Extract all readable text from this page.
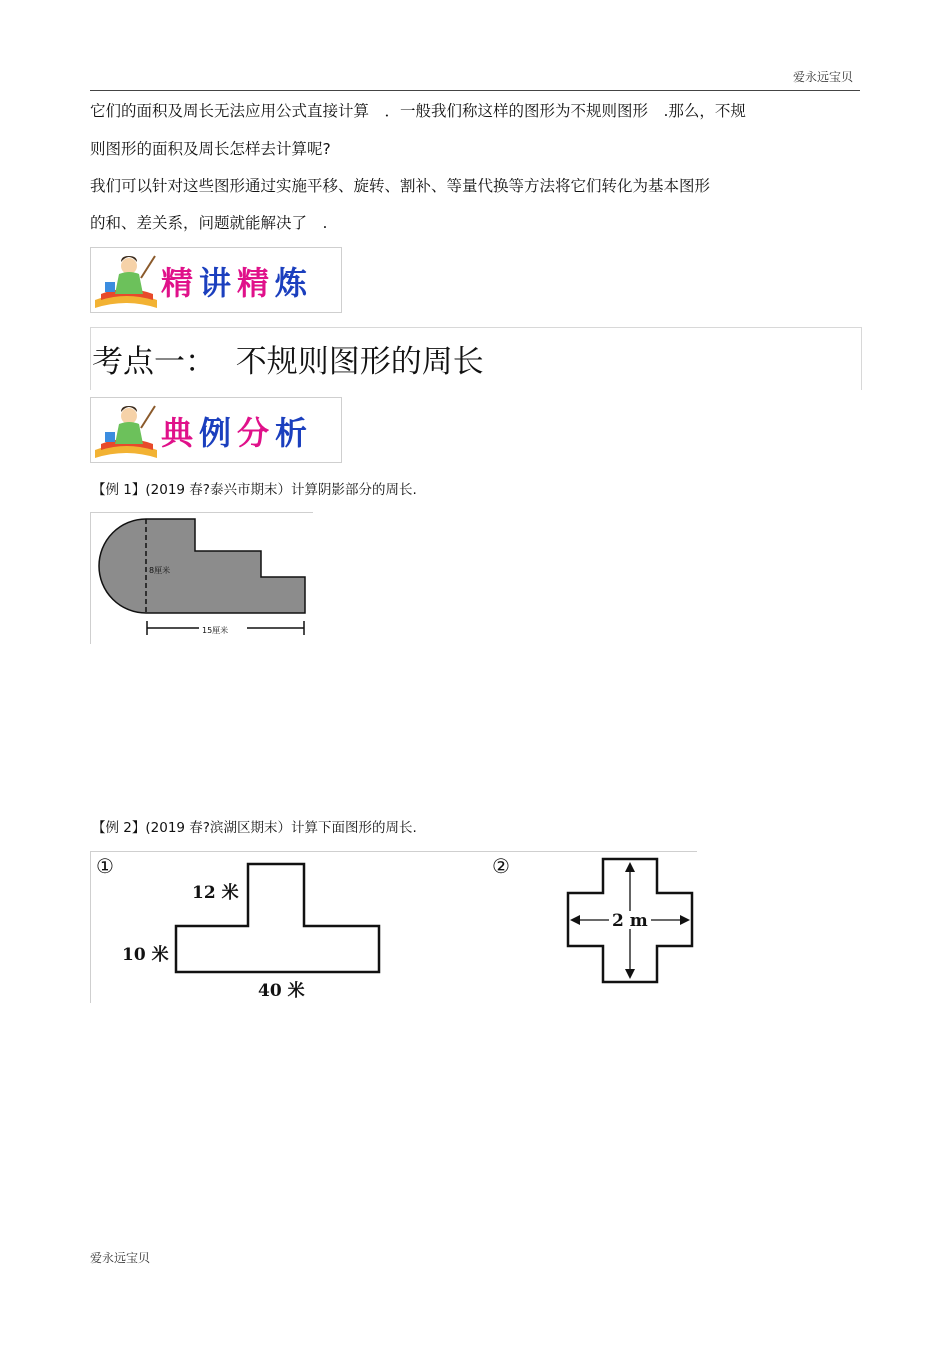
爱永远宝贝
它们的面积及周长无法应用公式直接计算　．一般我们称这样的图形为不规则图形　.那么，不规
则图形的面积及周长怎样去计算呢?
我们可以针对这些图形通过实施平移、旋转、割补、等量代换等方法将它们转化为基本图形
的和、差关系，问题就能解决了　.
精讲精炼
考点一：  不规则图形的周长
典例分析
【例 1】(2019 春?泰兴市期末）计算阴影部分的周长.
8厘米
15厘米
【例 2】(2019 春?滨湖区期末）计算下面图形的周长.
①
12 米
10 米
40 米
②
2 m
爱永远宝贝
